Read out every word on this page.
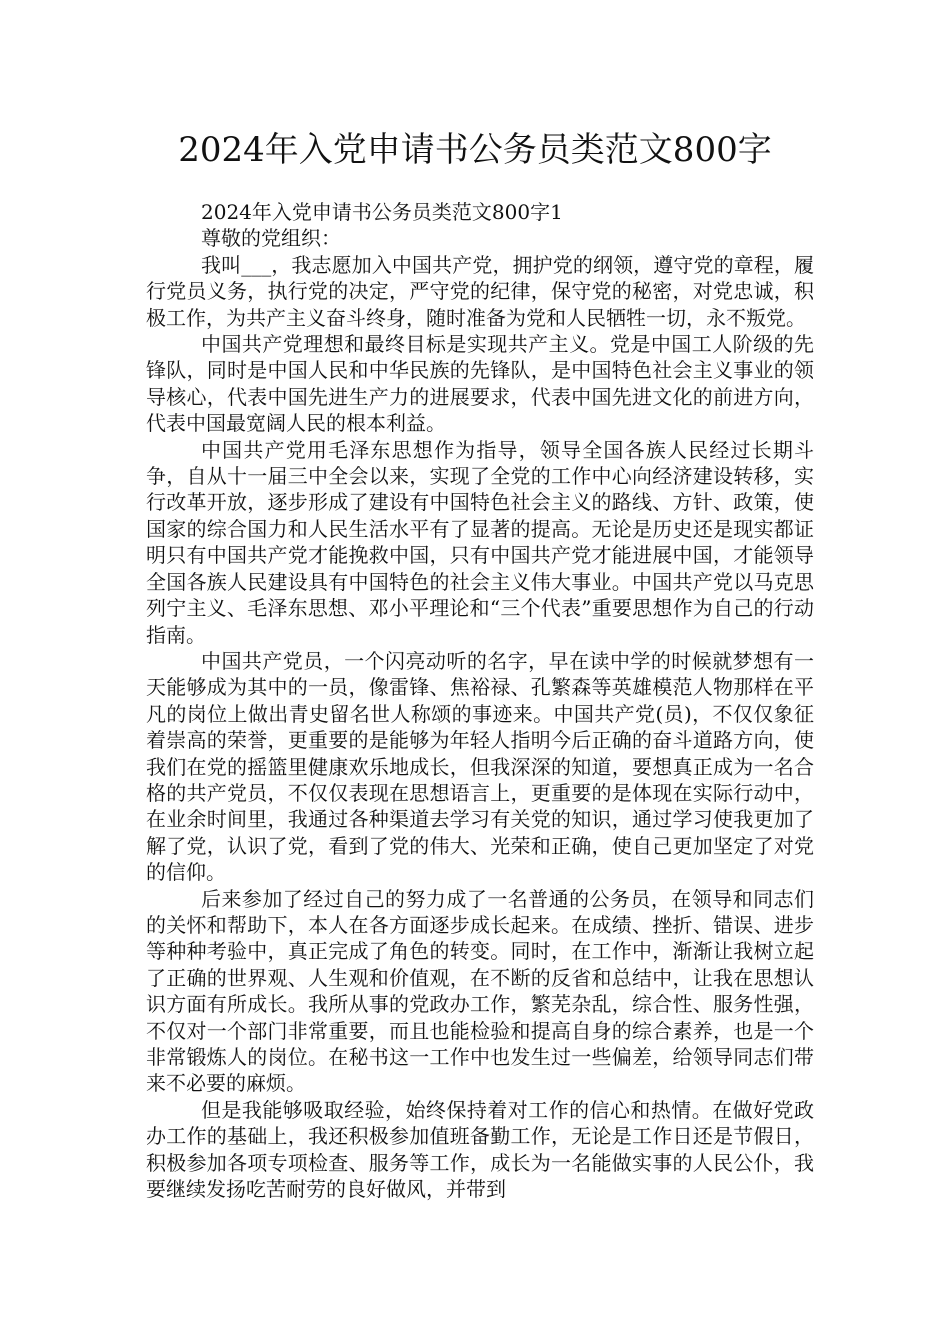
2024年入党申请书公务员类范文800字

2024年入党申请书公务员类范文800字1

尊敬的党组织：

我叫___，我志愿加入中国共产党，拥护党的纲领，遵守党的章程，履行党员义务，执行党的决定，严守党的纪律，保守党的秘密，对党忠诚，积极工作，为共产主义奋斗终身，随时准备为党和人民牺牲一切，永不叛党。

中国共产党理想和最终目标是实现共产主义。党是中国工人阶级的先锋队，同时是中国人民和中华民族的先锋队，是中国特色社会主义事业的领导核心，代表中国先进生产力的进展要求，代表中国先进文化的前进方向，代表中国最宽阔人民的根本利益。

中国共产党用毛泽东思想作为指导，领导全国各族人民经过长期斗争，自从十一届三中全会以来，实现了全党的工作中心向经济建设转移，实行改革开放，逐步形成了建设有中国特色社会主义的路线、方针、政策，使国家的综合国力和人民生活水平有了显著的提高。无论是历史还是现实都证明只有中国共产党才能挽救中国，只有中国共产党才能进展中国，才能领导全国各族人民建设具有中国特色的社会主义伟大事业。中国共产党以马克思列宁主义、毛泽东思想、邓小平理论和“三个代表”重要思想作为自己的行动指南。

中国共产党员，一个闪亮动听的名字，早在读中学的时候就梦想有一天能够成为其中的一员，像雷锋、焦裕禄、孔繁森等英雄模范人物那样在平凡的岗位上做出青史留名世人称颂的事迹来。中国共产党(员)，不仅仅象征着崇高的荣誉，更重要的是能够为年轻人指明今后正确的奋斗道路方向，使我们在党的摇篮里健康欢乐地成长，但我深深的知道，要想真正成为一名合格的共产党员，不仅仅表现在思想语言上，更重要的是体现在实际行动中，在业余时间里，我通过各种渠道去学习有关党的知识，通过学习使我更加了解了党，认识了党，看到了党的伟大、光荣和正确，使自己更加坚定了对党的信仰。

后来参加了经过自己的努力成了一名普通的公务员，在领导和同志们的关怀和帮助下，本人在各方面逐步成长起来。在成绩、挫折、错误、进步等种种考验中，真正完成了角色的转变。同时，在工作中，渐渐让我树立起了正确的世界观、人生观和价值观，在不断的反省和总结中，让我在思想认识方面有所成长。我所从事的党政办工作，繁芜杂乱，综合性、服务性强，不仅对一个部门非常重要，而且也能检验和提高自身的综合素养，也是一个非常锻炼人的岗位。在秘书这一工作中也发生过一些偏差，给领导同志们带来不必要的麻烦。

但是我能够吸取经验，始终保持着对工作的信心和热情。在做好党政办工作的基础上，我还积极参加值班备勤工作，无论是工作日还是节假日，积极参加各项专项检查、服务等工作，成长为一名能做实事的人民公仆，我要继续发扬吃苦耐劳的良好做风，并带到
